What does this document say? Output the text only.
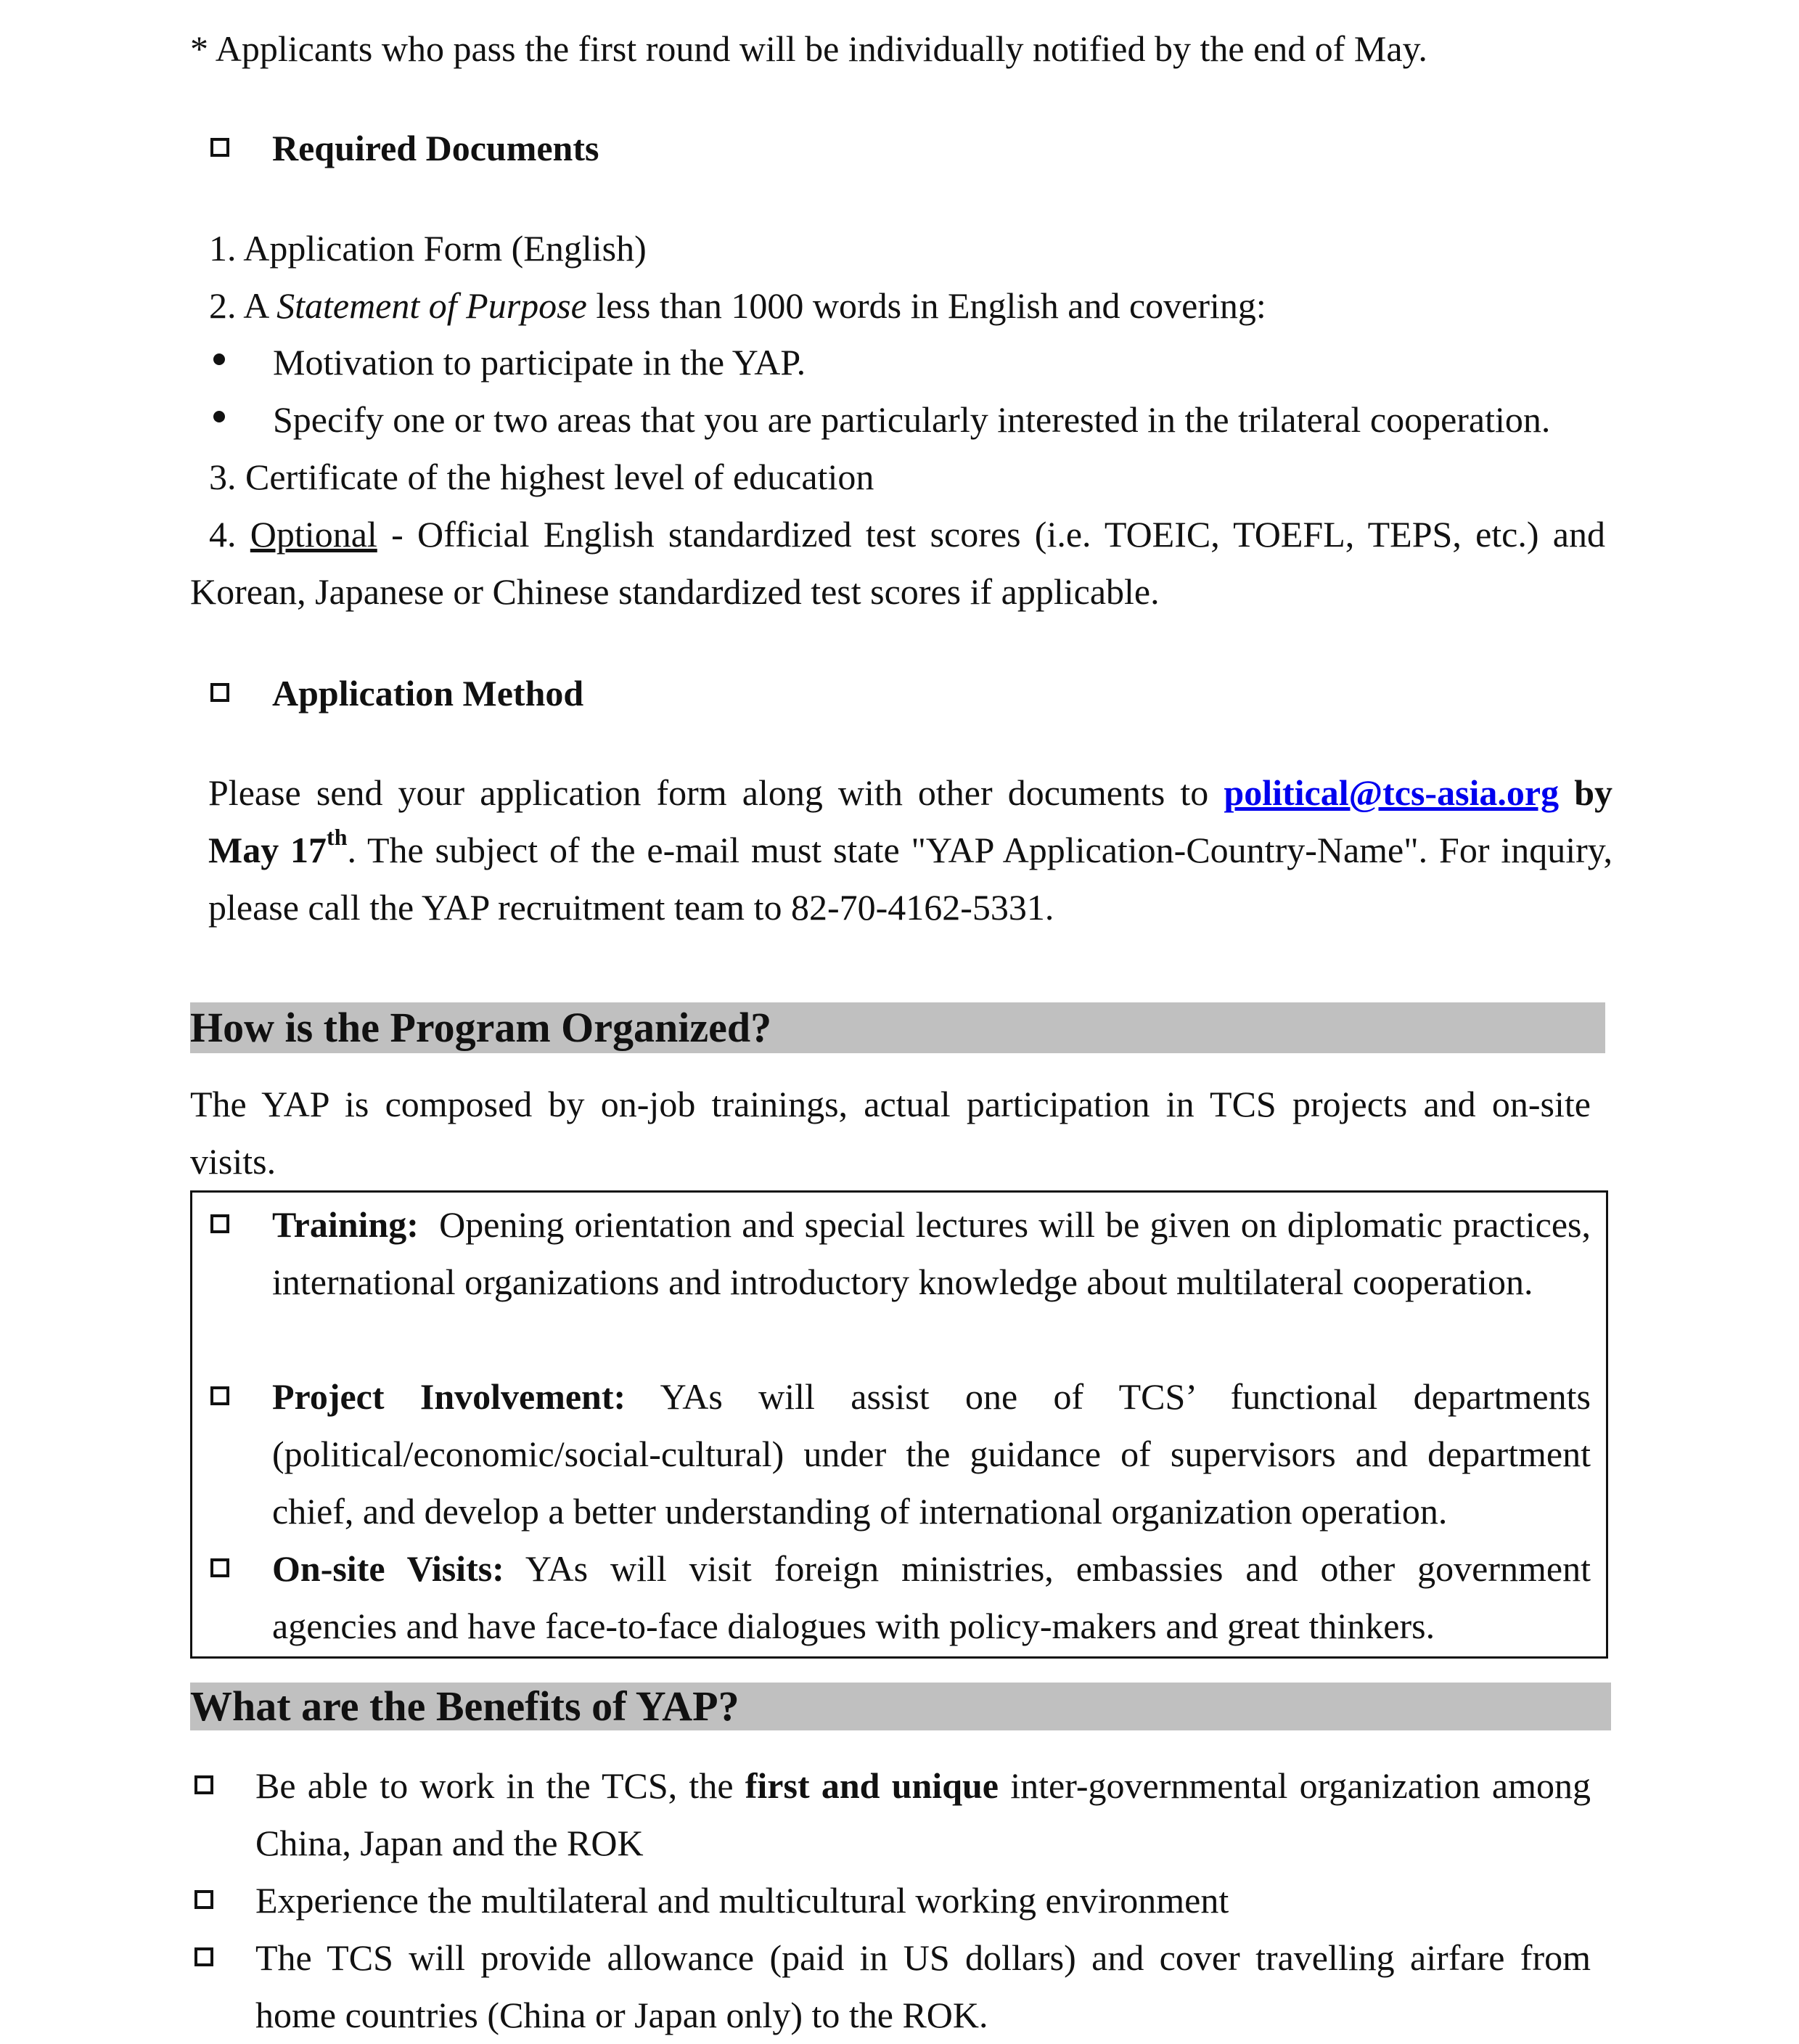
* Applicants who pass the first round will be individually notified by the end of May.
Required Documents
1. Application Form (English)
2. A Statement of Purpose less than 1000 words in English and covering:
Motivation to participate in the YAP.
Specify one or two areas that you are particularly interested in the trilateral cooperation.
3. Certificate of the highest level of education
4. Optional - Official English standardized test scores (i.e. TOEIC, TOEFL, TEPS, etc.) and Korean, Japanese or Chinese standardized test scores if applicable.
Application Method
Please send your application form along with other documents to political@tcs-asia.org by May 17th. The subject of the e-mail must state "YAP Application-Country-Name". For inquiry, please call the YAP recruitment team to 82-70-4162-5331.
How is the Program Organized?
The YAP is composed by on-job trainings, actual participation in TCS projects and on-site visits.
Training:  Opening orientation and special lectures will be given on diplomatic practices, international organizations and introductory knowledge about multilateral cooperation.
Project Involvement: YAs will assist one of TCS’ functional departments (political/economic/social-cultural) under the guidance of supervisors and department chief, and develop a better understanding of international organization operation.
On-site Visits: YAs will visit foreign ministries, embassies and other government agencies and have face-to-face dialogues with policy-makers and great thinkers.
What are the Benefits of YAP?
Be able to work in the TCS, the first and unique inter-governmental organization among China, Japan and the ROK
Experience the multilateral and multicultural working environment
The TCS will provide allowance (paid in US dollars) and cover travelling airfare from home countries (China or Japan only) to the ROK.
